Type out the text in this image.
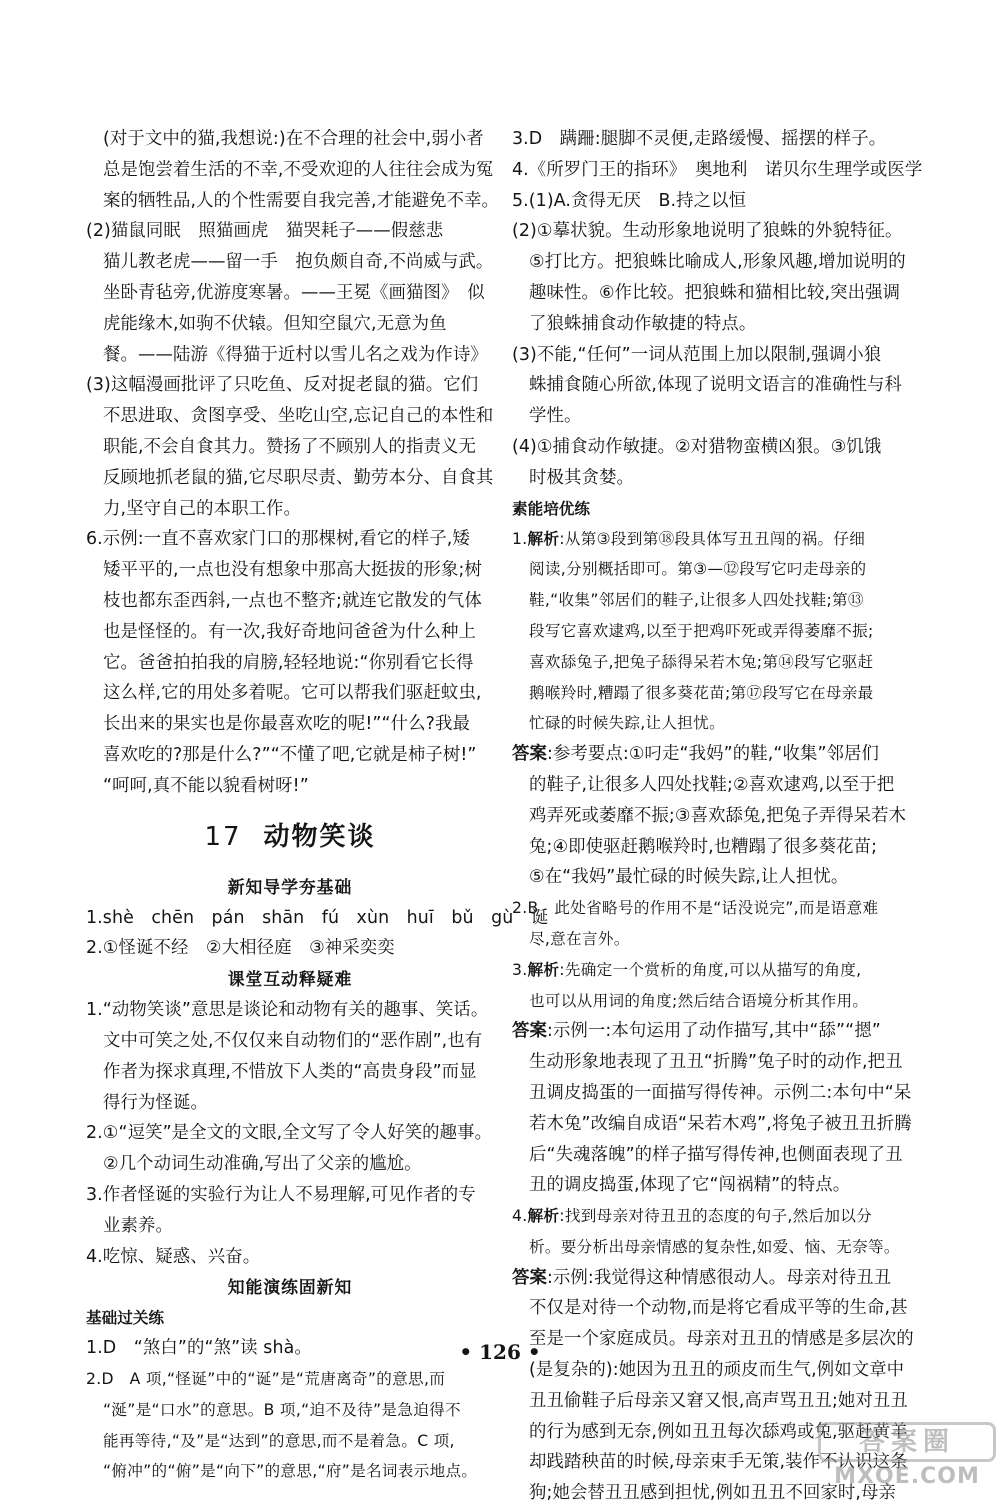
(对于文中的猫,我想说:)在不合理的社会中,弱小者
总是饱尝着生活的不幸,不受欢迎的人往往会成为冤
案的牺牲品,人的个性需要自我完善,才能避免不幸。
(2)猫鼠同眠　照猫画虎　猫哭耗子——假慈悲
猫儿教老虎——留一手　抱负颇自奇,不尚威与武。
坐卧青毡旁,优游度寒暑。——王冕《画猫图》　似
虎能缘木,如驹不伏辕。但知空鼠穴,无意为鱼
餐。——陆游《得猫于近村以雪儿名之戏为作诗》
(3)这幅漫画批评了只吃鱼、反对捉老鼠的猫。它们
不思进取、贪图享受、坐吃山空,忘记自己的本性和
职能,不会自食其力。赞扬了不顾别人的指责义无
反顾地抓老鼠的猫,它尽职尽责、勤劳本分、自食其
力,坚守自己的本职工作。
6.示例:一直不喜欢家门口的那棵树,看它的样子,矮
矮平平的,一点也没有想象中那高大挺拔的形象;树
枝也都东歪西斜,一点也不整齐;就连它散发的气体
也是怪怪的。有一次,我好奇地问爸爸为什么种上
它。爸爸拍拍我的肩膀,轻轻地说:“你别看它长得
这么样,它的用处多着呢。它可以帮我们驱赶蚊虫,
长出来的果实也是你最喜欢吃的呢!”“什么?我最
喜欢吃的?那是什么?”“不懂了吧,它就是柿子树!”
“呵呵,真不能以貌看树呀!”
17 动物笑谈
新知导学夯基础
1.shè　chēn　pán　shān　fú　xùn　huī　bǔ　gù　诞
2.①怪诞不经　②大相径庭　③神采奕奕
课堂互动释疑难
1.“动物笑谈”意思是谈论和动物有关的趣事、笑话。
文中可笑之处,不仅仅来自动物们的“恶作剧”,也有
作者为探求真理,不惜放下人类的“高贵身段”而显
得行为怪诞。
2.①“逗笑”是全文的文眼,全文写了令人好笑的趣事。
②几个动词生动准确,写出了父亲的尴尬。
3.作者怪诞的实验行为让人不易理解,可见作者的专
业素养。
4.吃惊、疑惑、兴奋。
知能演练固新知
基础过关练
1.D　“煞白”的“煞”读 shà。
2.D　A 项,“怪诞”中的“诞”是“荒唐离奇”的意思,而
“涎”是“口水”的意思。B 项,“迫不及待”是急迫得不
能再等待,“及”是“达到”的意思,而不是着急。C 项,
“俯冲”的“俯”是“向下”的意思,“府”是名词表示地点。
3.D　蹒跚:腿脚不灵便,走路缓慢、摇摆的样子。
4.《所罗门王的指环》　奥地利　诺贝尔生理学或医学
5.(1)A.贪得无厌　B.持之以恒
(2)①摹状貌。生动形象地说明了狼蛛的外貌特征。
⑤打比方。把狼蛛比喻成人,形象风趣,增加说明的
趣味性。⑥作比较。把狼蛛和猫相比较,突出强调
了狼蛛捕食动作敏捷的特点。
(3)不能,“任何”一词从范围上加以限制,强调小狼
蛛捕食随心所欲,体现了说明文语言的准确性与科
学性。
(4)①捕食动作敏捷。②对猎物蛮横凶狠。③饥饿
时极其贪婪。
素能培优练
1.解析:从第③段到第⑱段具体写丑丑闯的祸。仔细
阅读,分别概括即可。第③—⑫段写它叼走母亲的
鞋,“收集”邻居们的鞋子,让很多人四处找鞋;第⑬
段写它喜欢逮鸡,以至于把鸡吓死或弄得萎靡不振;
喜欢舔兔子,把兔子舔得呆若木兔;第⑭段写它驱赶
鹅喉羚时,糟蹋了很多葵花苗;第⑰段写它在母亲最
忙碌的时候失踪,让人担忧。
答案:参考要点:①叼走“我妈”的鞋,“收集”邻居们
的鞋子,让很多人四处找鞋;②喜欢逮鸡,以至于把
鸡弄死或萎靡不振;③喜欢舔兔,把兔子弄得呆若木
兔;④即使驱赶鹅喉羚时,也糟蹋了很多葵花苗;
⑤在“我妈”最忙碌的时候失踪,让人担忧。
2.B　此处省略号的作用不是“话没说完”,而是语意难
尽,意在言外。
3.解析:先确定一个赏析的角度,可以从描写的角度,
也可以从用词的角度;然后结合语境分析其作用。
答案:示例一:本句运用了动作描写,其中“舔”“摁”
生动形象地表现了丑丑“折腾”兔子时的动作,把丑
丑调皮捣蛋的一面描写得传神。示例二:本句中“呆
若木兔”改编自成语“呆若木鸡”,将兔子被丑丑折腾
后“失魂落魄”的样子描写得传神,也侧面表现了丑
丑的调皮捣蛋,体现了它“闯祸精”的特点。
4.解析:找到母亲对待丑丑的态度的句子,然后加以分
析。要分析出母亲情感的复杂性,如爱、恼、无奈等。
答案:示例:我觉得这种情感很动人。母亲对待丑丑
不仅是对待一个动物,而是将它看成平等的生命,甚
至是一个家庭成员。母亲对丑丑的情感是多层次的
(是复杂的):她因为丑丑的顽皮而生气,例如文章中
丑丑偷鞋子后母亲又窘又恨,高声骂丑丑;她对丑丑
的行为感到无奈,例如丑丑每次舔鸡或兔,驱赶黄羊
却践踏秧苗的时候,母亲束手无策,装作不认识这条
狗;她会替丑丑感到担忧,例如丑丑不回家时,母亲
• 126 •
答案圈
MXQE.COM
